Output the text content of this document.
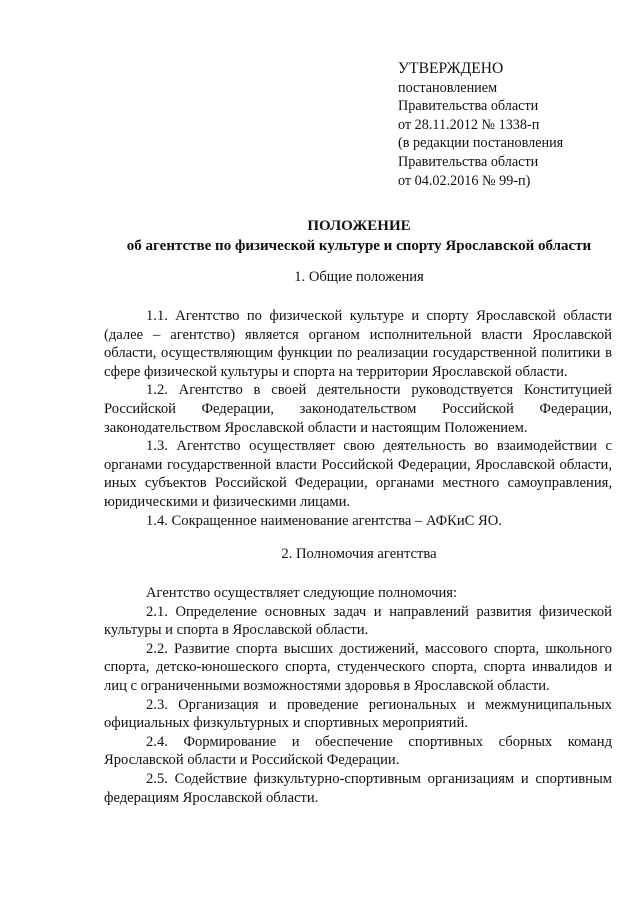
УТВЕРЖДЕНО
постановлением
Правительства области
от 28.11.2012 № 1338-п
(в редакции постановления
Правительства области
от 04.02.2016 № 99-п)
ПОЛОЖЕНИЕ
об агентстве по физической культуре и спорту Ярославской области
1. Общие положения

1.1. Агентство по физической культуре и спорту Ярославской области (далее – агентство) является органом исполнительной власти Ярославской области, осуществляющим функции по реализации государственной политики в сфере физической культуры и спорта на территории Ярославской области.

1.2. Агентство в своей деятельности руководствуется Конституцией Российской Федерации, законодательством Российской Федерации, законодательством Ярославской области и настоящим Положением.

1.3. Агентство осуществляет свою деятельность во взаимодействии с органами государственной власти Российской Федерации, Ярославской области, иных субъектов Российской Федерации, органами местного самоуправления, юридическими и физическими лицами.

1.4. Сокращенное наименование агентства – АФКиС ЯО.

2. Полномочия агентства

Агентство осуществляет следующие полномочия:

2.1. Определение основных задач и направлений развития физической культуры и спорта в Ярославской области.

2.2. Развитие спорта высших достижений, массового спорта, школьного спорта, детско-юношеского спорта, студенческого спорта, спорта инвалидов и лиц с ограниченными возможностями здоровья в Ярославской области.

2.3. Организация и проведение региональных и межмуниципальных официальных физкультурных и спортивных мероприятий.

2.4. Формирование и обеспечение спортивных сборных команд Ярославской области и Российской Федерации.

2.5. Содействие физкультурно-спортивным организациям и спортивным федерациям Ярославской области.
